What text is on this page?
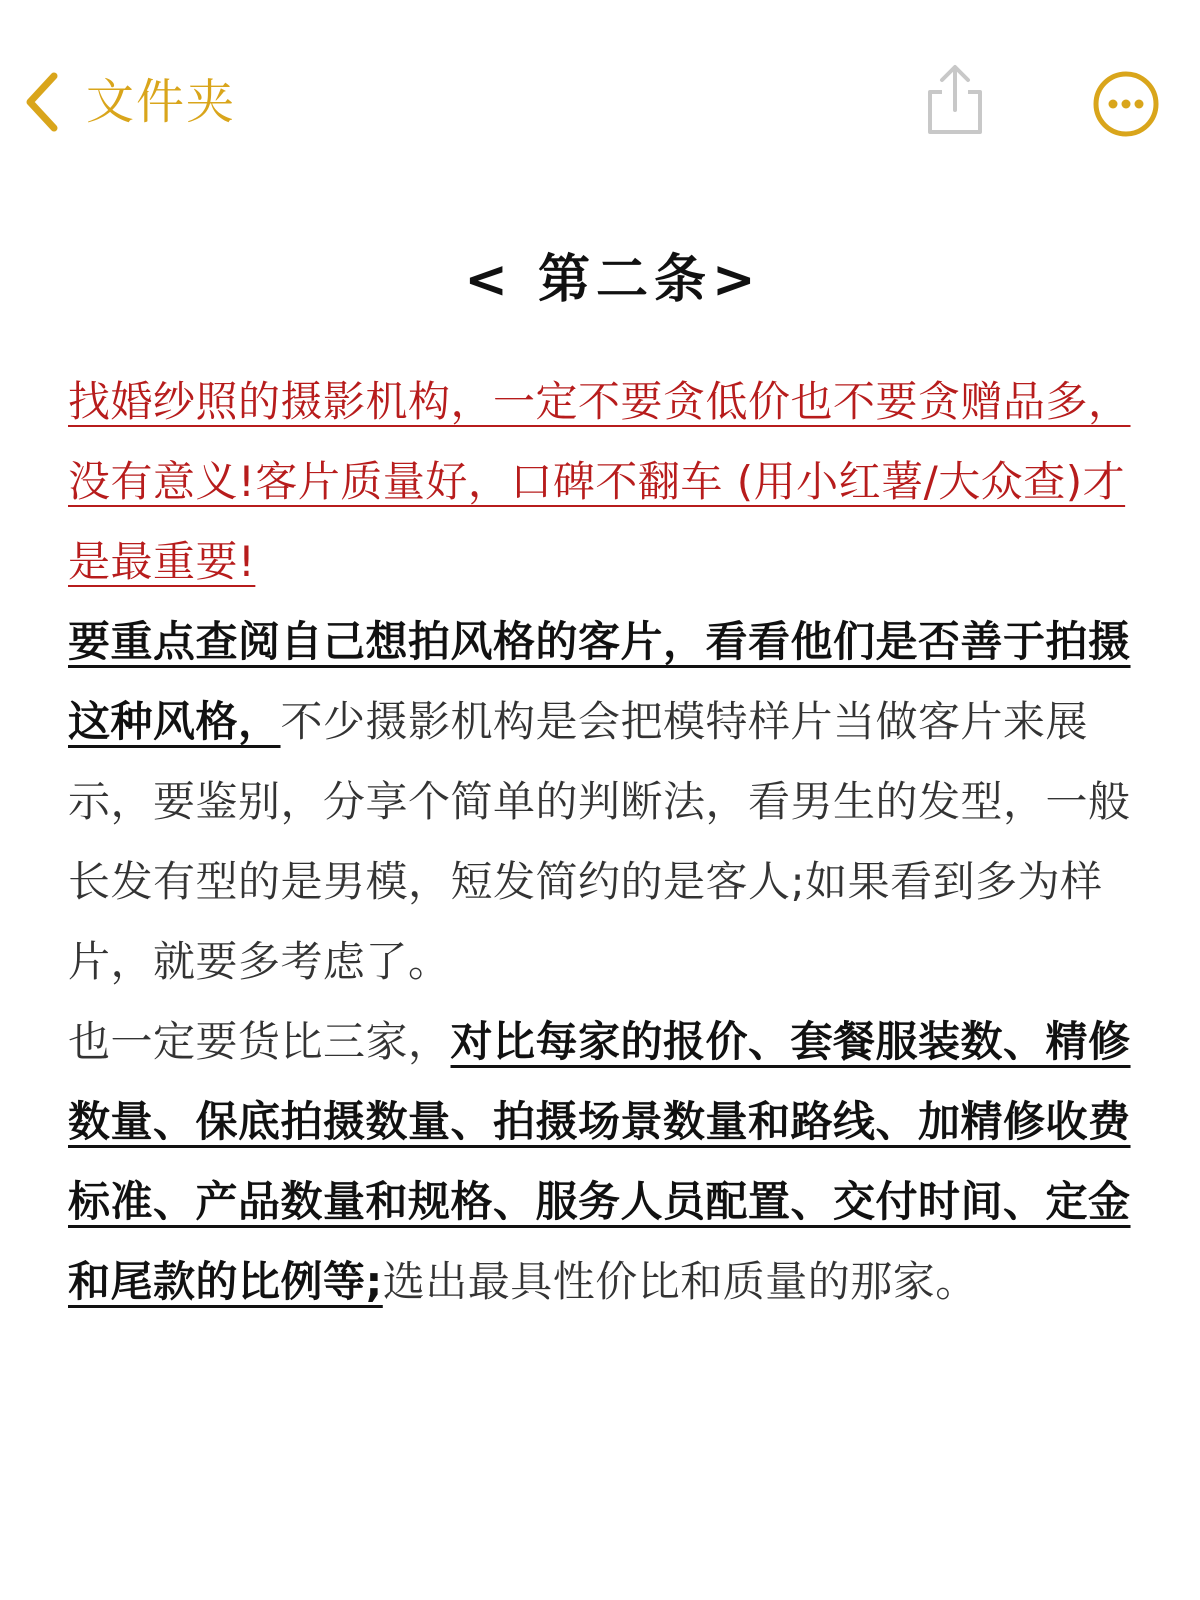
文件夹
< 第二条>

找婚纱照的摄影机构，一定不要贪低价也不要贪赠品多，没有意义!客片质量好，口碑不翻车 (用小红薯/大众查)才是最重要!

要重点查阅自己想拍风格的客片，看看他们是否善于拍摄这种风格，不少摄影机构是会把模特样片当做客片来展示，要鉴别，分享个简单的判断法，看男生的发型，一般长发有型的是男模，短发简约的是客人;如果看到多为样片，就要多考虑了。

也一定要货比三家，对比每家的报价、套餐服装数、精修数量、保底拍摄数量、拍摄场景数量和路线、加精修收费标准、产品数量和规格、服务人员配置、交付时间、定金和尾款的比例等;选出最具性价比和质量的那家。
